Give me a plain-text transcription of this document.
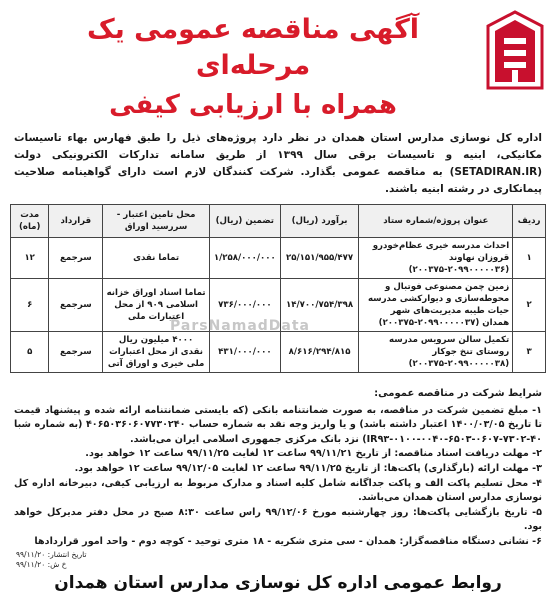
آگهی مناقصه عمومی یک مرحله‌ای
همراه با ارزیابی کیفی
اداره کل نوسازی مدارس استان همدان در نظر دارد پروژه‌های ذیل را طبق فهارس بهاء تاسیسات مکانیکی، ابنیه و تاسیسات برقی سال ۱۳۹۹ از طریق سامانه تدارکات الکترونیکی دولت (SETADIRAN.IR) به مناقصه عمومی بگذارد. شرکت کنندگان لازم است دارای گواهینامه صلاحیت پیمانکاری در رشته ابنیه باشند.
ردیف	عنوان پروژه/شماره ستاد	برآورد (ریال)	تضمین (ریال)	محل تامین اعتبار - سررسید اوراق	قرارداد	مدت (ماه)
۱	احداث مدرسه خیری عظام‌خودرو قروزان نهاوند (۲۰۹۹۰۰۰۰۰۳۶-۲۰۰۳۷۵)	۲۵/۱۵۱/۹۵۵/۴۷۷	۱/۲۵۸/۰۰۰/۰۰۰	تماما نقدی	سرجمع	۱۲
۲	زمین چمن مصنوعی فوتبال و محوطه‌سازی و دیوارکشی مدرسه حیات طیبه مدیریت‌های شهر همدان (۲۰۹۹۰۰۰۰۰۳۷-۲۰۰۳۷۵)	۱۴/۷۰۰/۷۵۴/۳۹۸	۷۳۶/۰۰۰/۰۰۰	تماما اسناد اوراق خزانه اسلامی ۹۰۹ از محل اعتبارات ملی	سرجمع	۶
۳	تکمیل سالن سرویس مدرسه روستای تنخ جوکار (۲۰۹۹۰۰۰۰۰۳۸-۲۰۰۳۷۵)	۸/۶۱۶/۲۹۴/۸۱۵	۴۳۱/۰۰۰/۰۰۰	۴۰۰۰ میلیون ریال نقدی از محل اعتبارات ملی خیری و اوراق آتی	سرجمع	۵
ParsNamadData
شرایط شرکت در مناقصه عمومی:

۱- مبلغ تضمین شرکت در مناقصه، به صورت ضمانتنامه بانکی (که بایستی ضمانتنامه ارائه شده و پیشنهاد قیمت تا تاریخ ۱۴۰۰/۰۳/۰۵ اعتبار داشته باشد) و یا واریز وجه نقد به شماره حساب ۴۰۶۵۰۳۶۰۶۰۷۷۳۰۲۴۰ (به شماره شبا IR۹۳-۰۱۰۰-۰۰۴۰-۶۵۰۳-۰۶۰۷-۷۳۰۲-۴۰) نزد بانک مرکزی جمهوری اسلامی ایران می‌باشد.

۲- مهلت دریافت اسناد مناقصه: از تاریخ ۹۹/۱۱/۲۱ ساعت ۱۲ لغایت ۹۹/۱۱/۲۵ ساعت ۱۲ خواهد بود.

۳- مهلت ارائه (بارگذاری) پاکت‌ها: از تاریخ ۹۹/۱۱/۲۵ ساعت ۱۲ لغایت ۹۹/۱۲/۰۵ ساعت ۱۲ خواهد بود.

۴- محل تسلیم پاکت الف و پاکت جداگانه شامل کلیه اسناد و مدارک مربوط به ارزیابی کیفی، دبیرخانه اداره کل نوسازی مدارس استان همدان می‌باشد.

۵- تاریخ بازگشایی پاکت‌ها: روز چهارشنبه مورخ ۹۹/۱۲/۰۶ راس ساعت ۸:۳۰ صبح در محل دفتر مدیرکل خواهد بود.

۶- نشانی دستگاه مناقصه‌گزار: همدان - سی متری شکریه - ۱۸ متری توحید - کوچه دوم - واحد امور قراردادها

تاریخ انتشار: ۹۹/۱۱/۲۰
خ ش: ۹۹/۱۱/۲۰
روابط عمومی اداره کل نوسازی مدارس استان همدان
